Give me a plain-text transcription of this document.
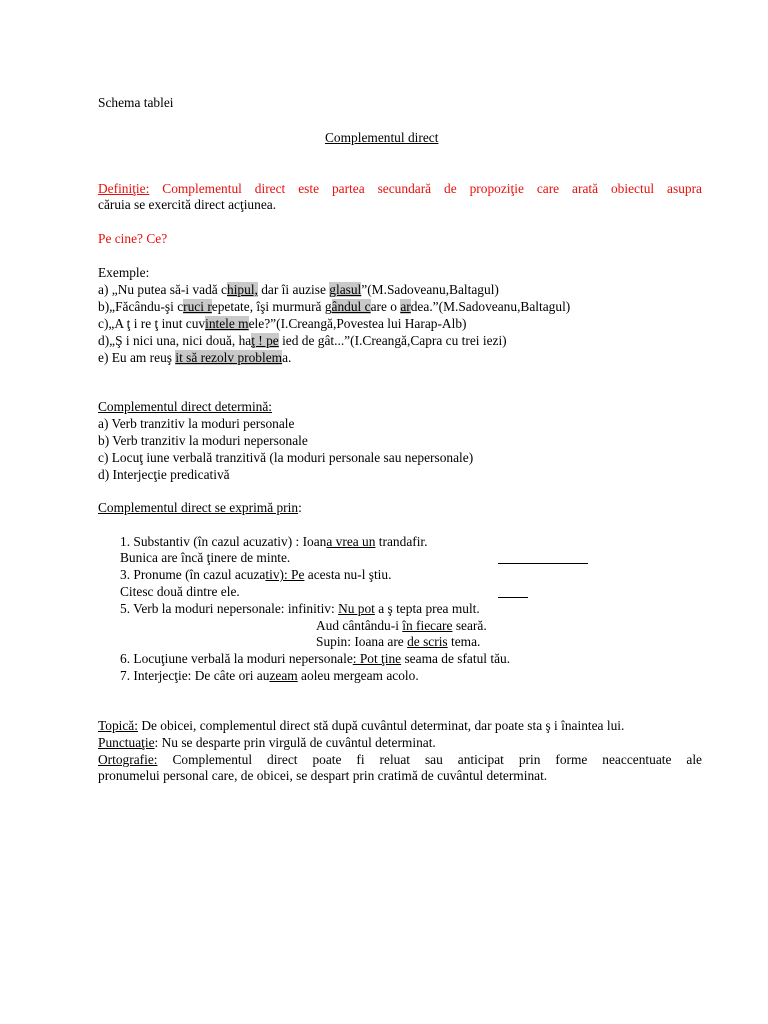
Schema tablei
Complementul direct
Definiţie: Complementul direct este partea secundară de propoziţie care arată obiectul asupra
căruia se exercită direct acţiunea.
Pe cine? Ce?
Exemple:
a) „Nu putea să-i vadă chipul, dar îi auzise glasul”(M.Sadoveanu,Baltagul)
b)„Făcându-şi cruci repetate, îşi murmură gândul care o ardea.”(M.Sadoveanu,Baltagul)
c)„A ţ i re ţ inut cuvintele mele?”(I.Creangă,Povestea lui Harap-Alb)
d)„Ş i nici una, nici două, haţ ! pe ied de gât...”(I.Creangă,Capra cu trei iezi)
e) Eu am reuş it să rezolv problema.
Complementul direct determină:
a) Verb tranzitiv la moduri personale
b) Verb tranzitiv la moduri nepersonale
c) Locuţ iune verbală tranzitivă (la moduri personale sau nepersonale)
d) Interjecţie predicativă
Complementul direct se exprimă prin:
1. Substantiv (în cazul acuzativ) : Ioana vrea un trandafir.
Bunica are încă ţinere de minte.
3. Pronume (în cazul acuzativ): Pe acesta nu-l ştiu.
Citesc două dintre ele.
5. Verb la moduri nepersonale: infinitiv: Nu pot a ş tepta prea mult.
Aud cântându-i în fiecare seară.
Supin: Ioana are de scris tema.
6. Locuţiune verbală la moduri nepersonale: Pot ţine seama de sfatul tău.
7. Interjecţie: De câte ori auzeam aoleu mergeam acolo.
Topică: De obicei, complementul direct stă după cuvântul determinat, dar poate sta ş i înaintea lui.
Punctuaţie: Nu se desparte prin virgulă de cuvântul determinat.
Ortografie: Complementul direct poate fi reluat sau anticipat prin forme neaccentuate ale
pronumelui personal care, de obicei, se despart prin cratimă de cuvântul determinat.
